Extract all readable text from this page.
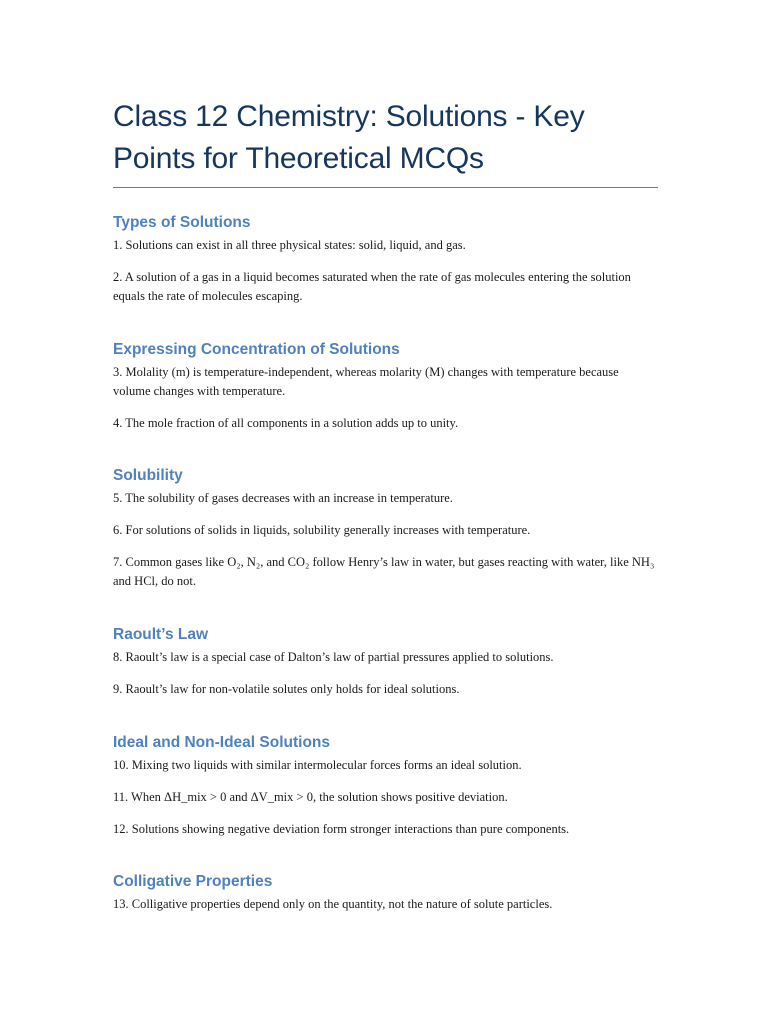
Class 12 Chemistry: Solutions - Key Points for Theoretical MCQs
Types of Solutions

1. Solutions can exist in all three physical states: solid, liquid, and gas.

2. A solution of a gas in a liquid becomes saturated when the rate of gas molecules entering the solution equals the rate of molecules escaping.

Expressing Concentration of Solutions

3. Molality (m) is temperature-independent, whereas molarity (M) changes with temperature because volume changes with temperature.

4. The mole fraction of all components in a solution adds up to unity.

Solubility

5. The solubility of gases decreases with an increase in temperature.

6. For solutions of solids in liquids, solubility generally increases with temperature.

7. Common gases like O₂, N₂, and CO₂ follow Henry’s law in water, but gases reacting with water, like NH₃ and HCl, do not.

Raoult’s Law

8. Raoult’s law is a special case of Dalton’s law of partial pressures applied to solutions.

9. Raoult’s law for non-volatile solutes only holds for ideal solutions.

Ideal and Non-Ideal Solutions

10. Mixing two liquids with similar intermolecular forces forms an ideal solution.

11. When ΔH_mix > 0 and ΔV_mix > 0, the solution shows positive deviation.

12. Solutions showing negative deviation form stronger interactions than pure components.

Colligative Properties

13. Colligative properties depend only on the quantity, not the nature of solute particles.
